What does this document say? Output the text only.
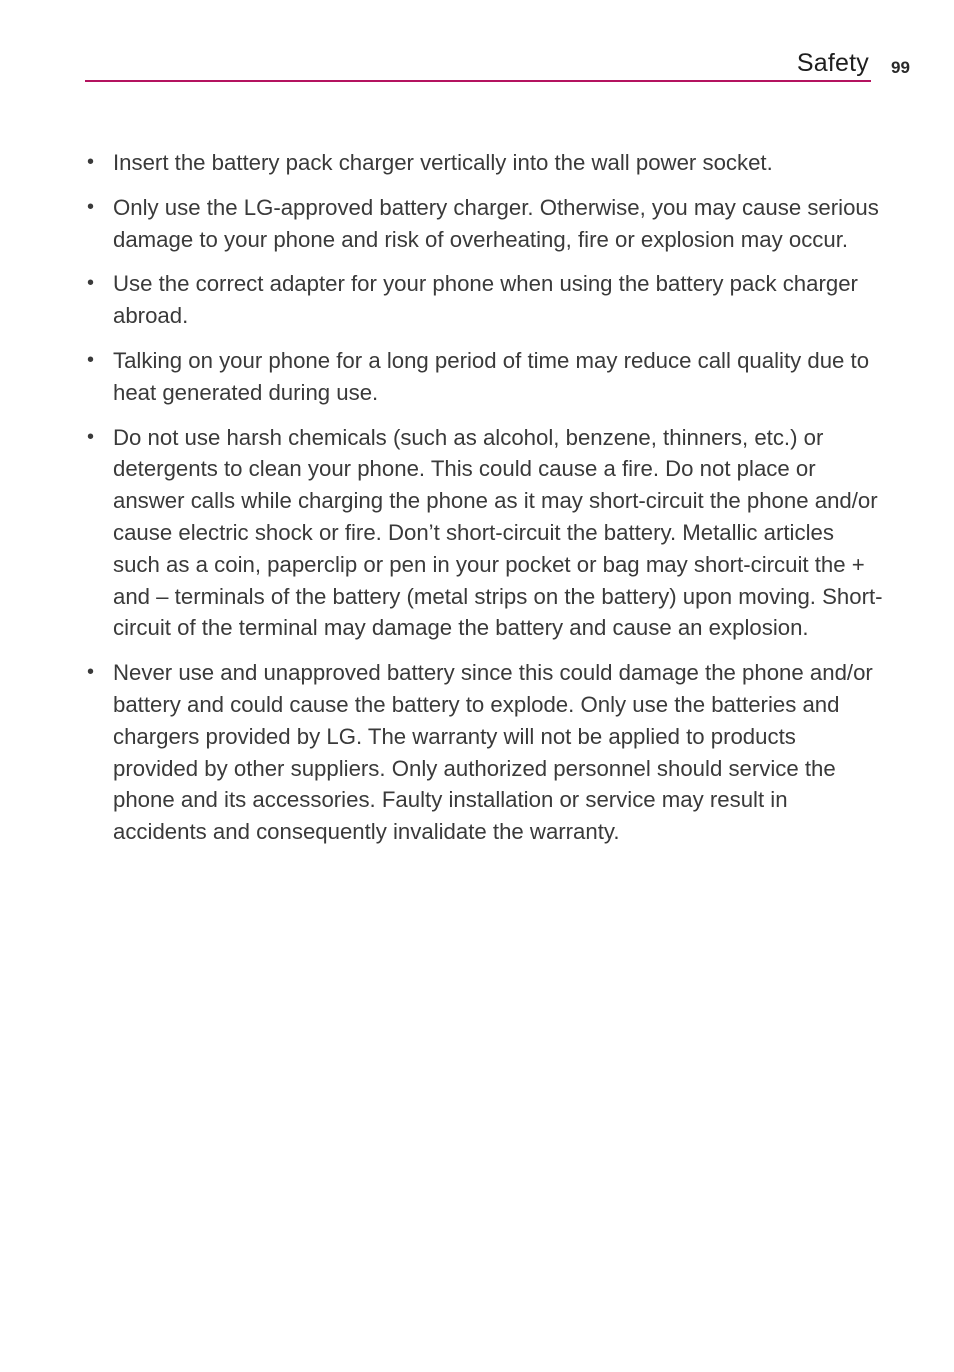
Safety 99
• Insert the battery pack charger vertically into the wall power socket.
• Only use the LG-approved battery charger. Otherwise, you may cause serious damage to your phone and risk of overheating, fire or explosion may occur.
• Use the correct adapter for your phone when using the battery pack charger abroad.
• Talking on your phone for a long period of time may reduce call quality due to heat generated during use.
• Do not use harsh chemicals (such as alcohol, benzene, thinners, etc.) or detergents to clean your phone. This could cause a fire. Do not place or answer calls while charging the phone as it may short-circuit the phone and/or cause electric shock or fire. Don’t short-circuit the battery. Metallic articles such as a coin, paperclip or pen in your pocket or bag may short-circuit the + and – terminals of the battery (metal strips on the battery) upon moving. Short-circuit of the terminal may damage the battery and cause an explosion.
• Never use and unapproved battery since this could damage the phone and/or battery and could cause the battery to explode. Only use the batteries and chargers provided by LG. The warranty will not be applied to products provided by other suppliers. Only authorized personnel should service the phone and its accessories. Faulty installation or service may result in accidents and consequently invalidate the warranty.
